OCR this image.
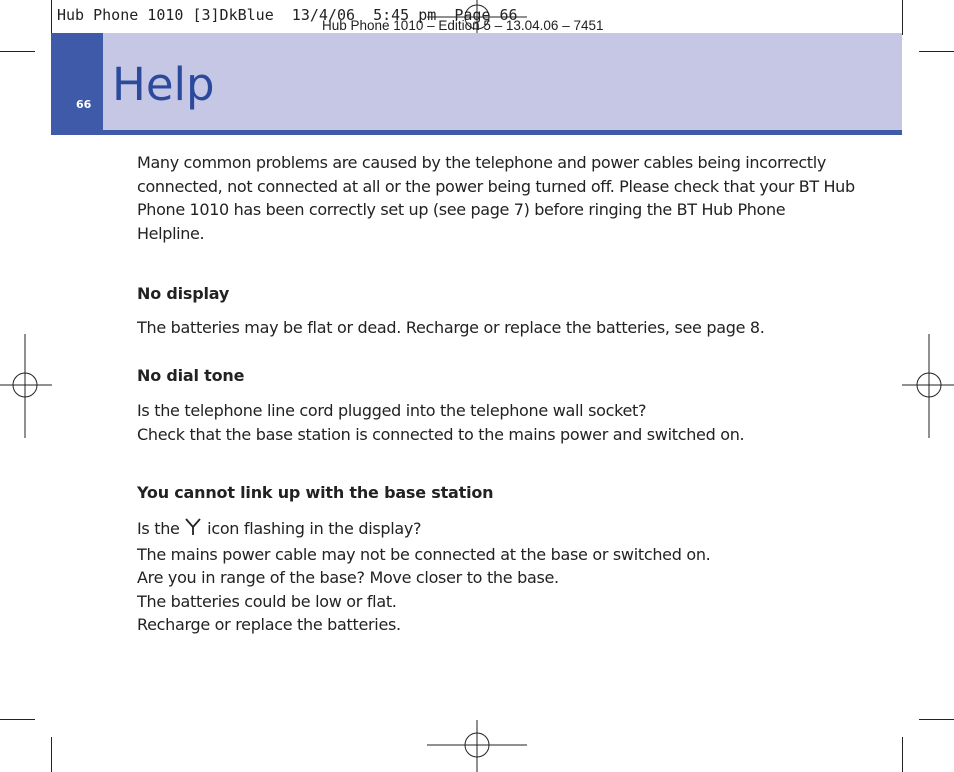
Hub Phone 1010 [3]DkBlue  13/4/06  5:45 pm  Page 66
Hub Phone 1010 – Edition 5 – 13.04.06 – 7451
66 Help
Many common problems are caused by the telephone and power cables being incorrectly connected, not connected at all or the power being turned off. Please check that your BT Hub Phone 1010 has been correctly set up (see page 7) before ringing the BT Hub Phone Helpline.
No display
The batteries may be flat or dead. Recharge or replace the batteries, see page 8.
No dial tone
Is the telephone line cord plugged into the telephone wall socket?
Check that the base station is connected to the mains power and switched on.
You cannot link up with the base station
Is the  icon flashing in the display?
The mains power cable may not be connected at the base or switched on.
Are you in range of the base? Move closer to the base.
The batteries could be low or flat.
Recharge or replace the batteries.
